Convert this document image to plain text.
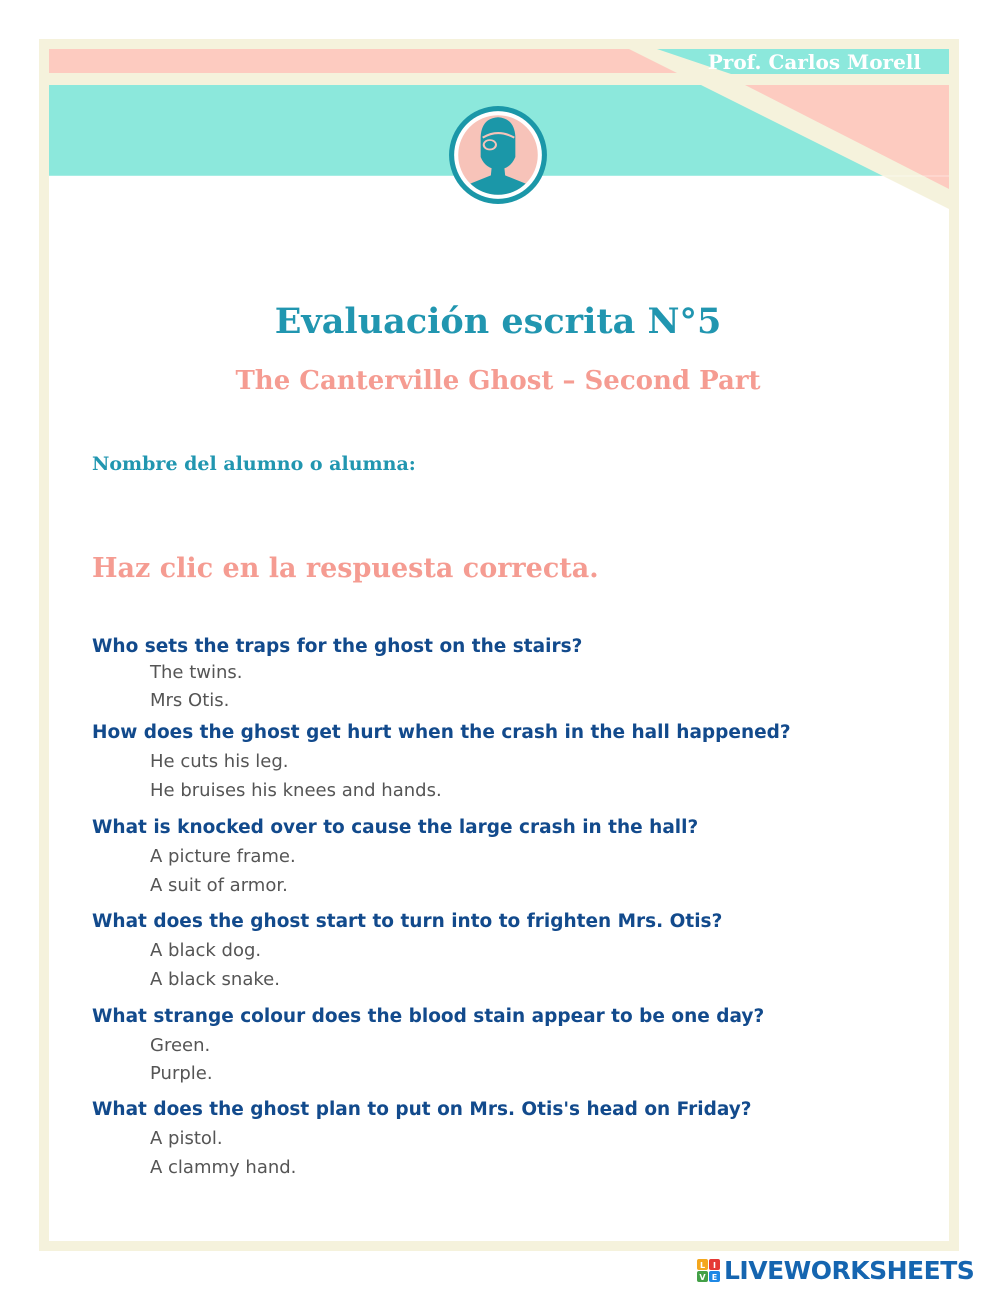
Prof. Carlos Morell

Evaluación escrita N°5
The Canterville Ghost – Second Part

Nombre del alumno o alumna:

Haz clic en la respuesta correcta.

Who sets the traps for the ghost on the stairs?
The twins.
Mrs Otis.
How does the ghost get hurt when the crash in the hall happened?
He cuts his leg.
He bruises his knees and hands.
What is knocked over to cause the large crash in the hall?
A picture frame.
A suit of armor.
What does the ghost start to turn into to frighten Mrs. Otis?
A black dog.
A black snake.
What strange colour does the blood stain appear to be one day?
Green.
Purple.
What does the ghost plan to put on Mrs. Otis's head on Friday?
A pistol.
A clammy hand.
L I
V E LIVEWORKSHEETS
